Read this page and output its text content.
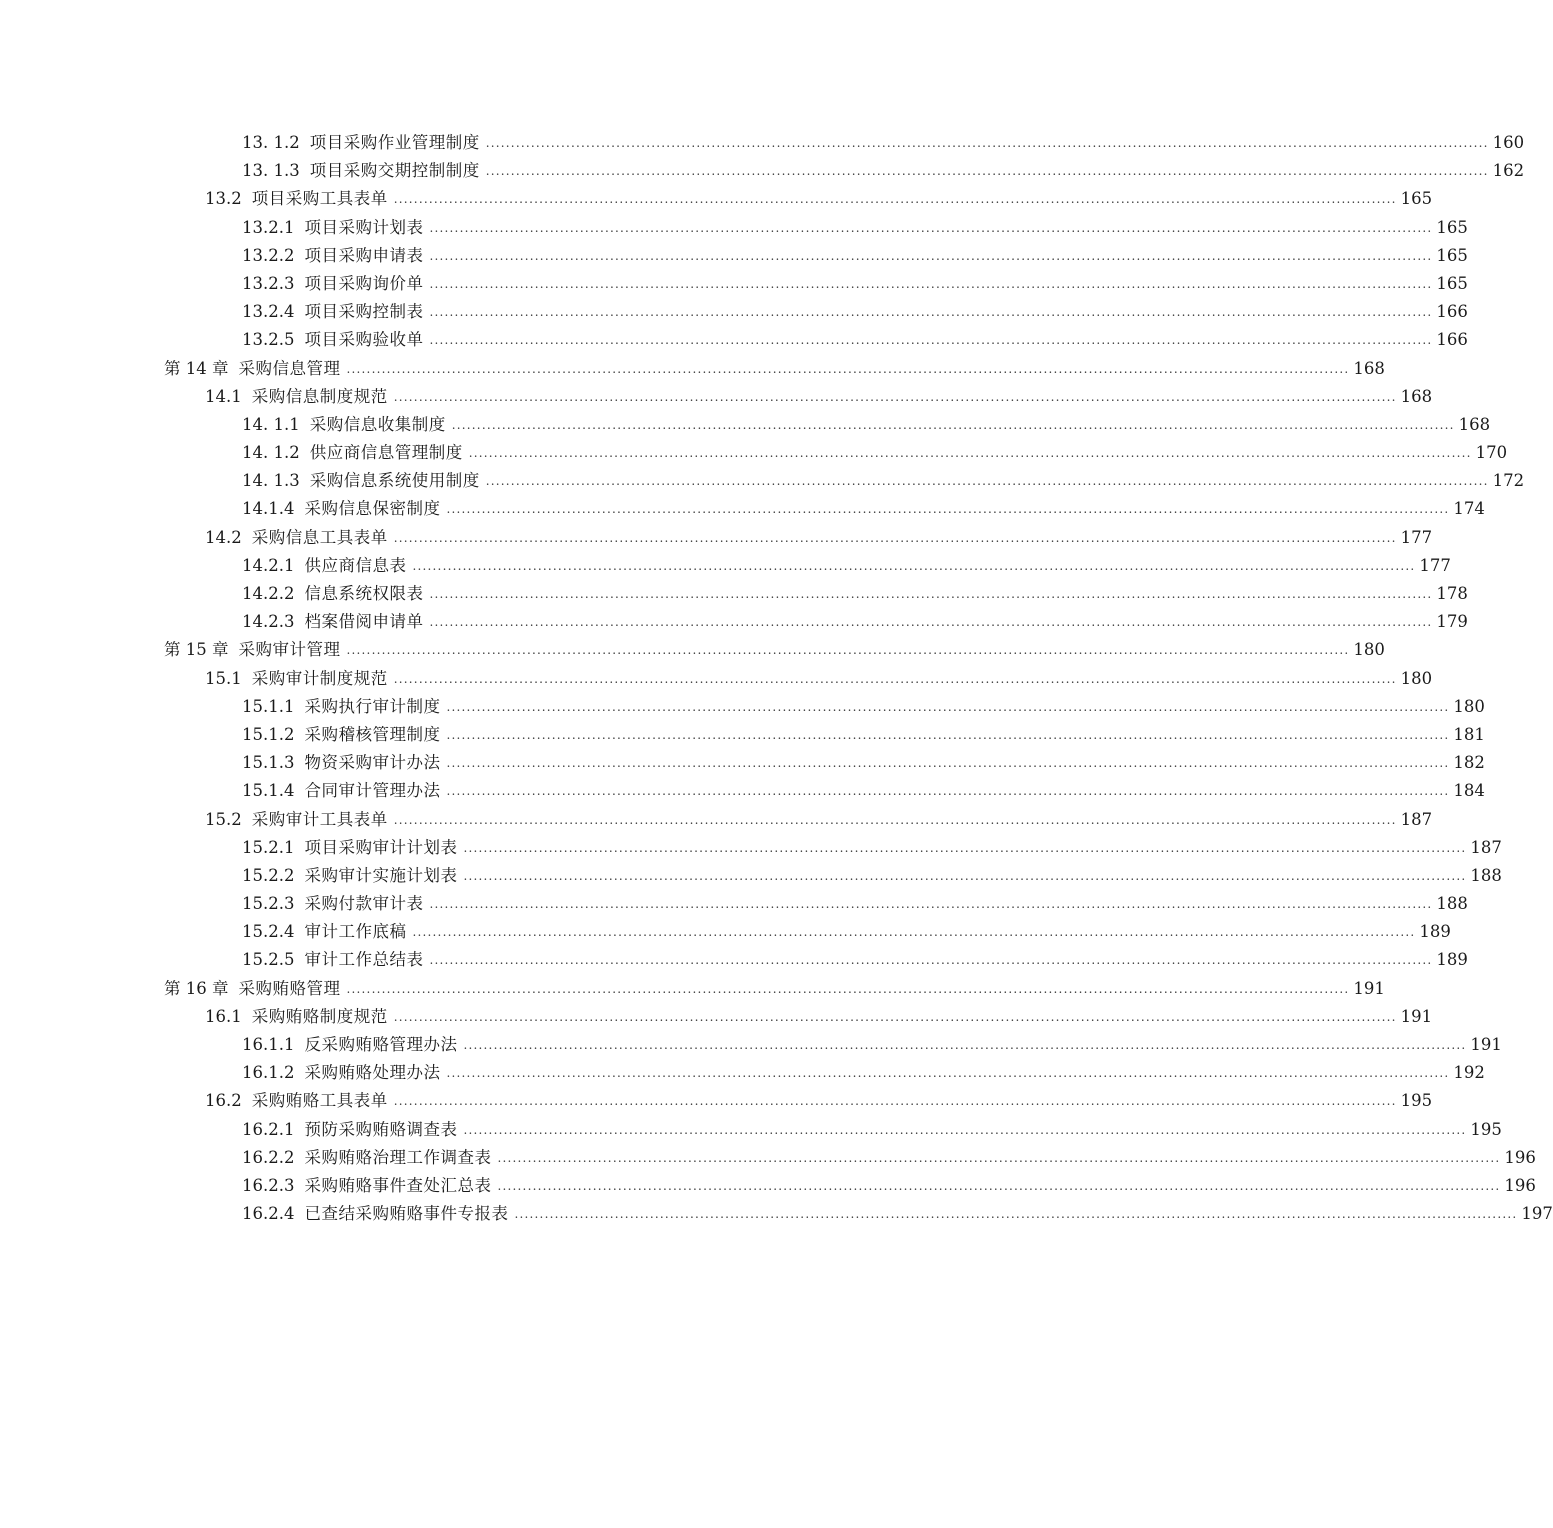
13. 1.2 项目采购作业管理制度 ........................................................................................................................................................................................................ 160
13. 1.3 项目采购交期控制制度 ........................................................................................................................................................................................................ 162
13.2 项目采购工具表单 ........................................................................................................................................................................................................ 165
13.2.1 项目采购计划表 ........................................................................................................................................................................................................ 165
13.2.2 项目采购申请表 ........................................................................................................................................................................................................ 165
13.2.3 项目采购询价单 ........................................................................................................................................................................................................ 165
13.2.4 项目采购控制表 ........................................................................................................................................................................................................ 166
13.2.5 项目采购验收单 ........................................................................................................................................................................................................ 166
第 14 章 采购信息管理 ........................................................................................................................................................................................................ 168
14.1 采购信息制度规范 ........................................................................................................................................................................................................ 168
14. 1.1 采购信息收集制度 ........................................................................................................................................................................................................ 168
14. 1.2 供应商信息管理制度 ........................................................................................................................................................................................................ 170
14. 1.3 采购信息系统使用制度 ........................................................................................................................................................................................................ 172
14.1.4 采购信息保密制度 ........................................................................................................................................................................................................ 174
14.2 采购信息工具表单 ........................................................................................................................................................................................................ 177
14.2.1 供应商信息表 ........................................................................................................................................................................................................ 177
14.2.2 信息系统权限表 ........................................................................................................................................................................................................ 178
14.2.3 档案借阅申请单 ........................................................................................................................................................................................................ 179
第 15 章 采购审计管理 ........................................................................................................................................................................................................ 180
15.1 采购审计制度规范 ........................................................................................................................................................................................................ 180
15.1.1 采购执行审计制度 ........................................................................................................................................................................................................ 180
15.1.2 采购稽核管理制度 ........................................................................................................................................................................................................ 181
15.1.3 物资采购审计办法 ........................................................................................................................................................................................................ 182
15.1.4 合同审计管理办法 ........................................................................................................................................................................................................ 184
15.2 采购审计工具表单 ........................................................................................................................................................................................................ 187
15.2.1 项目采购审计计划表 ........................................................................................................................................................................................................ 187
15.2.2 采购审计实施计划表 ........................................................................................................................................................................................................ 188
15.2.3 采购付款审计表 ........................................................................................................................................................................................................ 188
15.2.4 审计工作底稿 ........................................................................................................................................................................................................ 189
15.2.5 审计工作总结表 ........................................................................................................................................................................................................ 189
第 16 章 采购贿赂管理 ........................................................................................................................................................................................................ 191
16.1 采购贿赂制度规范 ........................................................................................................................................................................................................ 191
16.1.1 反采购贿赂管理办法 ........................................................................................................................................................................................................ 191
16.1.2 采购贿赂处理办法 ........................................................................................................................................................................................................ 192
16.2 采购贿赂工具表单 ........................................................................................................................................................................................................ 195
16.2.1 预防采购贿赂调查表 ........................................................................................................................................................................................................ 195
16.2.2 采购贿赂治理工作调查表 ........................................................................................................................................................................................................ 196
16.2.3 采购贿赂事件查处汇总表 ........................................................................................................................................................................................................ 196
16.2.4 已查结采购贿赂事件专报表 ........................................................................................................................................................................................................ 197
